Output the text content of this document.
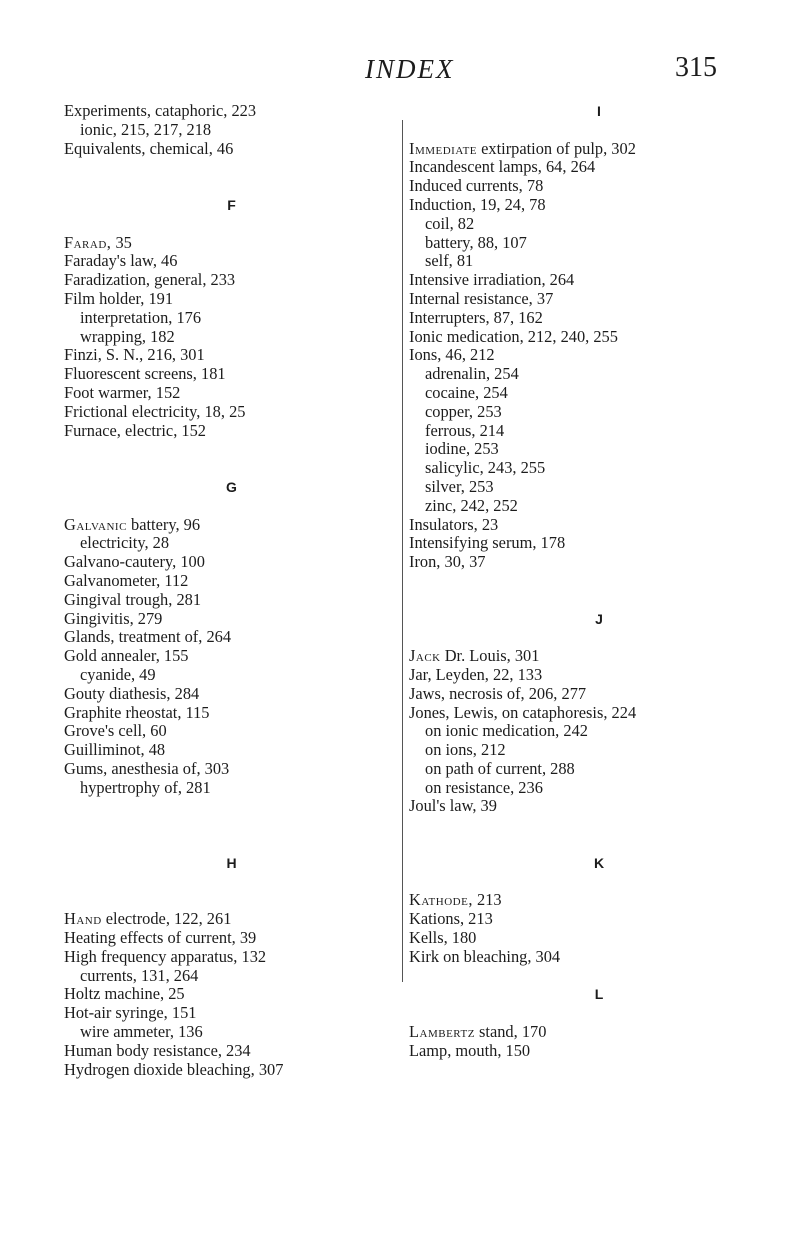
INDEX	315
Experiments, cataphoric, 223
ionic, 215, 217, 218
Equivalents, chemical, 46
F
Farad, 35
Faraday's law, 46
Faradization, general, 233
Film holder, 191
interpretation, 176
wrapping, 182
Finzi, S. N., 216, 301
Fluorescent screens, 181
Foot warmer, 152
Frictional electricity, 18, 25
Furnace, electric, 152
G
Galvanic battery, 96
electricity, 28
Galvano-cautery, 100
Galvanometer, 112
Gingival trough, 281
Gingivitis, 279
Glands, treatment of, 264
Gold annealer, 155
cyanide, 49
Gouty diathesis, 284
Graphite rheostat, 115
Grove's cell, 60
Guilliminot, 48
Gums, anesthesia of, 303
hypertrophy of, 281
H
Hand electrode, 122, 261
Heating effects of current, 39
High frequency apparatus, 132
currents, 131, 264
Holtz machine, 25
Hot-air syringe, 151
wire ammeter, 136
Human body resistance, 234
Hydrogen dioxide bleaching, 307
I
Immediate extirpation of pulp, 302
Incandescent lamps, 64, 264
Induced currents, 78
Induction, 19, 24, 78
coil, 82
battery, 88, 107
self, 81
Intensive irradiation, 264
Internal resistance, 37
Interrupters, 87, 162
Ionic medication, 212, 240, 255
Ions, 46, 212
adrenalin, 254
cocaine, 254
copper, 253
ferrous, 214
iodine, 253
salicylic, 243, 255
silver, 253
zinc, 242, 252
Insulators, 23
Intensifying serum, 178
Iron, 30, 37
J
Jack Dr. Louis, 301
Jar, Leyden, 22, 133
Jaws, necrosis of, 206, 277
Jones, Lewis, on cataphoresis, 224
on ionic medication, 242
on ions, 212
on path of current, 288
on resistance, 236
Joul's law, 39
K
Kathode, 213
Kations, 213
Kells, 180
Kirk on bleaching, 304
L
Lambertz stand, 170
Lamp, mouth, 150
